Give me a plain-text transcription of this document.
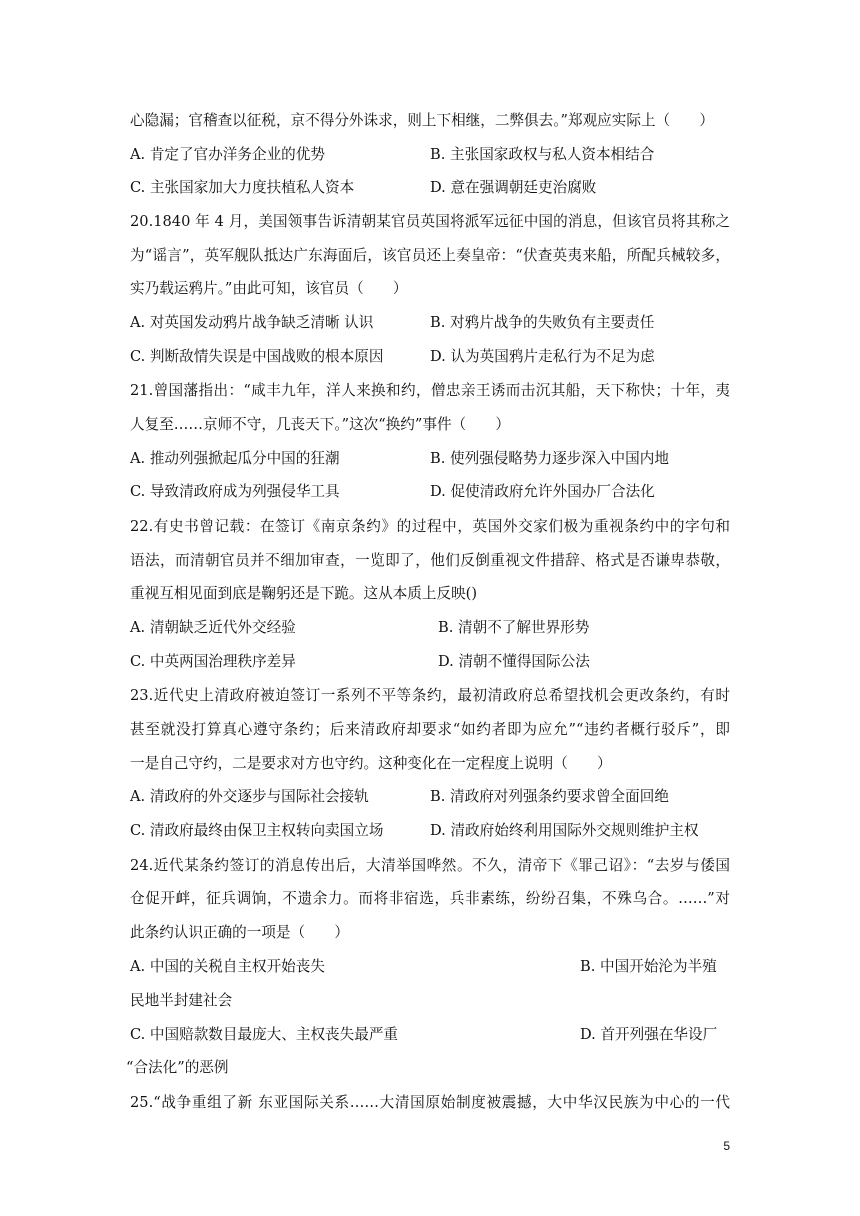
心隐漏；官稽查以征税，京不得分外诛求，则上下相继，二弊俱去。”郑观应实际上（　　）
A. 肯定了官办洋务企业的优势	B. 主张国家政权与私人资本相结合
C. 主张国家加大力度扶植私人资本	D. 意在强调朝廷吏治腐败
20.1840 年 4 月，美国领事告诉清朝某官员英国将派军远征中国的消息，但该官员将其称之
为“谣言”，英军舰队抵达广东海面后，该官员还上奏皇帝：“伏查英夷来船，所配兵械较多，
实乃载运鸦片。”由此可知，该官员（　　）
A. 对英国发动鸦片战争缺乏清晰 认识	B. 对鸦片战争的失败负有主要责任
C. 判断敌情失误是中国战败的根本原因	D. 认为英国鸦片走私行为不足为虑
21.曾国藩指出：“咸丰九年，洋人来换和约，僧忠亲王诱而击沉其船，天下称快；十年，夷
人复至……京师不守，几丧天下。”这次“换约”事件（　　）
A. 推动列强掀起瓜分中国的狂潮	B. 使列强侵略势力逐步深入中国内地
C. 导致清政府成为列强侵华工具	D. 促使清政府允许外国办厂合法化
22.有史书曾记载：在签订《南京条约》的过程中，英国外交家们极为重视条约中的字句和
语法，而清朝官员并不细加审查，一览即了，他们反倒重视文件措辞、格式是否谦卑恭敬，
重视互相见面到底是鞠躬还是下跪。这从本质上反映()
A. 清朝缺乏近代外交经验	B. 清朝不了解世界形势
C. 中英两国治理秩序差异	D. 清朝不懂得国际公法
23.近代史上清政府被迫签订一系列不平等条约，最初清政府总希望找机会更改条约，有时
甚至就没打算真心遵守条约；后来清政府却要求“如约者即为应允”“违约者概行驳斥”，即
一是自己守约，二是要求对方也守约。这种变化在一定程度上说明（　　）
A. 清政府的外交逐步与国际社会接轨	B. 清政府对列强条约要求曾全面回绝
C. 清政府最终由保卫主权转向卖国立场	D. 清政府始终利用国际外交规则维护主权
24.近代某条约签订的消息传出后，大清举国哗然。不久，清帝下《罪己诏》：“去岁与倭国
仓促开衅，征兵调饷，不遗余力。而将非宿选，兵非素练，纷纷召集，不殊乌合。……”对
此条约认识正确的一项是（　　）
A. 中国的关税自主权开始丧失	B. 中国开始沦为半殖
民地半封建社会
C. 中国赔款数目最庞大、主权丧失最严重	D. 首开列强在华设厂
“合法化”的恶例
25.“战争重组了新 东亚国际关系……大清国原始制度被震撼，大中华汉民族为中心的一代
5
